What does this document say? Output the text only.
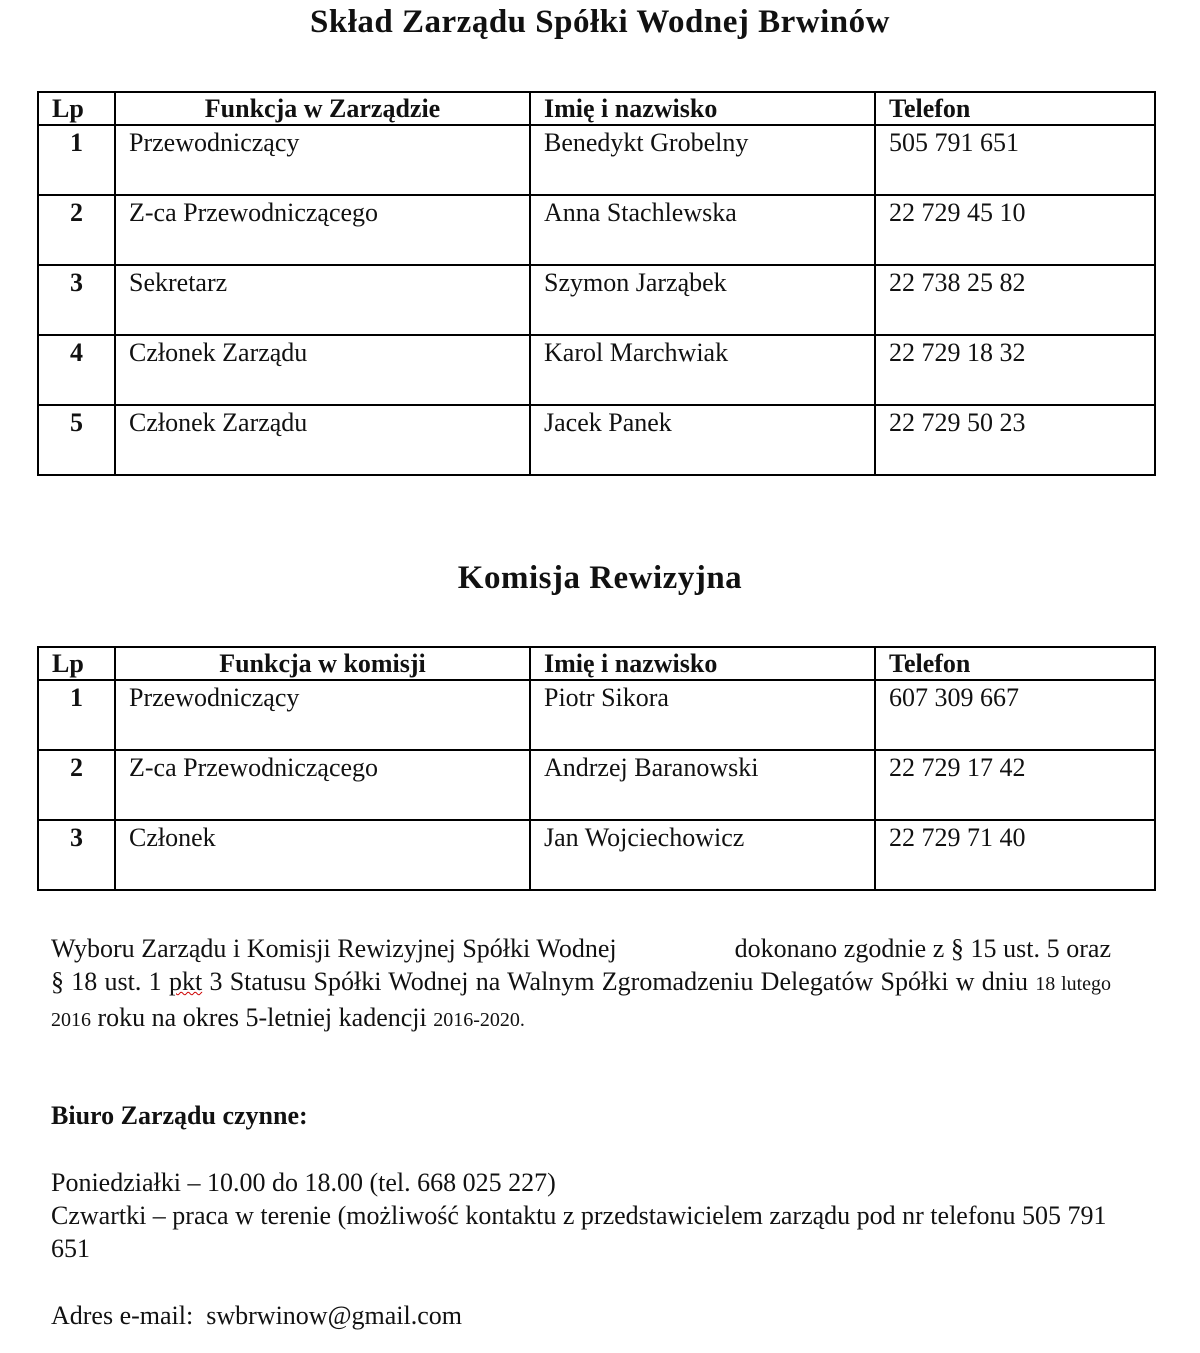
Skład Zarządu Spółki Wodnej Brwinów
Lp	Funkcja w Zarządzie	Imię i nazwisko	Telefon
1	Przewodniczący	Benedykt Grobelny	505 791 651
2	Z-ca Przewodniczącego	Anna Stachlewska	22 729 45 10
3	Sekretarz	Szymon Jarząbek	22 738 25 82
4	Członek Zarządu	Karol Marchwiak	22 729 18 32
5	Członek Zarządu	Jacek Panek	22 729 50 23
Komisja Rewizyjna
Lp	Funkcja w komisji	Imię i nazwisko	Telefon
1	Przewodniczący	Piotr Sikora	607 309 667
2	Z-ca Przewodniczącego	Andrzej Baranowski	22 729 17 42
3	Członek	Jan Wojciechowicz	22 729 71 40

Wyboru Zarządu i Komisji Rewizyjnej Spółki Wodnej	dokonano zgodnie z § 15 ust. 5 oraz § 18 ust. 1 pkt 3 Statusu Spółki Wodnej na Walnym Zgromadzeniu Delegatów Spółki w dniu 18 lutego 2016 roku na okres 5-letniej kadencji 2016-2020.

Biuro Zarządu czynne:

Poniedziałki – 10.00 do 18.00 (tel. 668 025 227)
Czwartki – praca w terenie (możliwość kontaktu z przedstawicielem zarządu pod nr telefonu 505 791 651

Adres e-mail: swbrwinow@gmail.com
